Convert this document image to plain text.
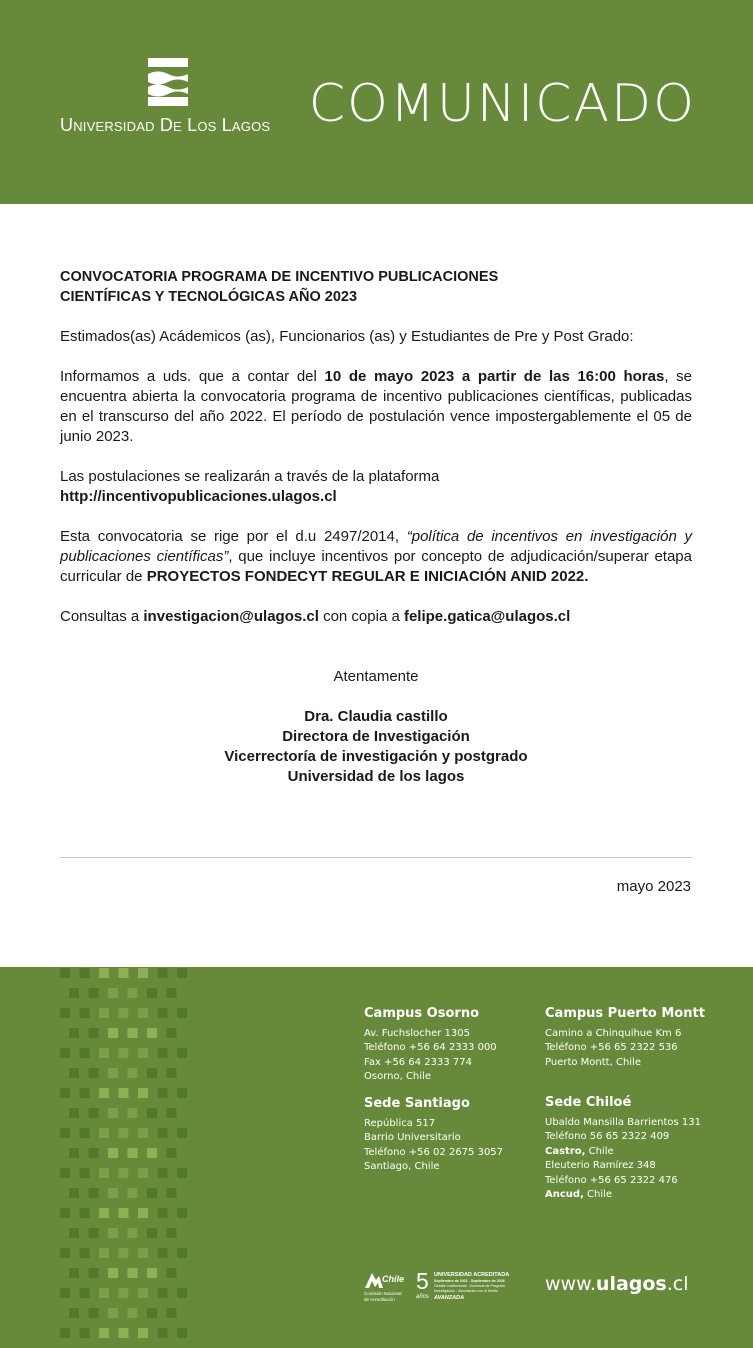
Universidad De Los Lagos COMUNICADO

CONVOCATORIA PROGRAMA DE INCENTIVO PUBLICACIONES
CIENTÍFICAS Y TECNOLÓGICAS AÑO 2023

Estimados(as) Acádemicos (as), Funcionarios (as) y Estudiantes de Pre y Post Grado:

Informamos a uds. que a contar del 10 de mayo 2023 a partir de las 16:00 horas, se encuentra abierta la convocatoria programa de incentivo publicaciones científicas, publicadas en el transcurso del año 2022. El período de postulación vence impostergablemente el 05 de junio 2023.

Las postulaciones se realizarán a través de la plataforma
http://incentivopublicaciones.ulagos.cl

Esta convocatoria se rige por el d.u 2497/2014, “política de incentivos en investigación y publicaciones científicas”, que incluye incentivos por concepto de adjudicación/superar etapa curricular de PROYECTOS FONDECYT REGULAR E INICIACIÓN ANID 2022.

Consultas a investigacion@ulagos.cl con copia a felipe.gatica@ulagos.cl

Atentamente

Dra. Claudia castillo
Directora de Investigación
Vicerrectoría de investigación y postgrado
Universidad de los lagos
mayo 2023
Campus Osorno
Av. Fuchslocher 1305
Teléfono +56 64 2333 000
Fax +56 64 2333 774
Osorno, Chile
Campus Puerto Montt
Camino a Chinquihue Km 6
Teléfono +56 65 2322 536
Puerto Montt, Chile
Sede Santiago
República 517
Barrio Universitario
Teléfono +56 02 2675 3057
Santiago, Chile
Sede Chiloé
Ubaldo Mansilla Barrientos 131
Teléfono 56 65 2322 409
Castro, Chile
Eleuterio Ramírez 348
Teléfono +56 65 2322 476
Ancud, Chile
Chile
Comisión Nacional
de Acreditación
5
años
UNIVERSIDAD ACREDITADA
Septiembre de 2021 - Septiembre de 2026
Gestión Institucional - Docencia de Pregrado
Investigación - Vinculación con el Medio
AVANZADA
www.ulagos.cl
